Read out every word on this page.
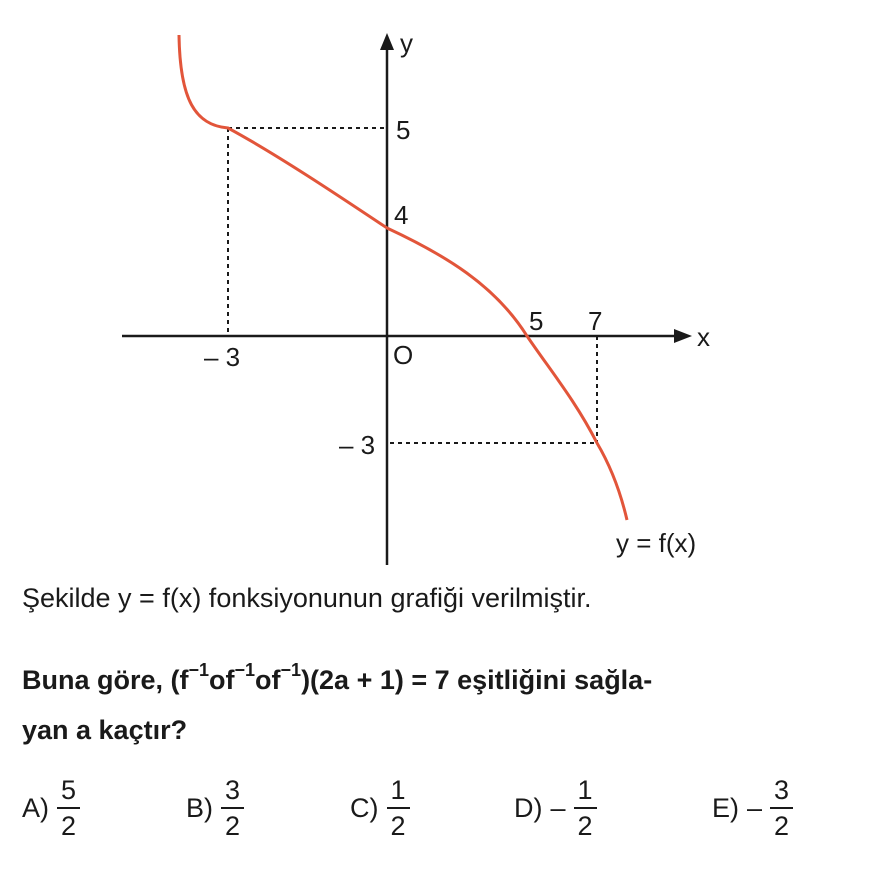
y
x
O
5
4
– 3
– 3
5 7
y = f(x)
Şekilde y = f(x) fonksiyonunun grafiği verilmiştir.
Buna göre, $(f^{-1}of^{-1}of^{-1})(2a + 1) = 7$ eşitliğini sağla-
yan a kaçtır?
$A) \frac{5}{2}$	$B) \frac{3}{2}$	$C) \frac{1}{2}$	$D) - \frac{1}{2}$	$E) - \frac{3}{2}$
